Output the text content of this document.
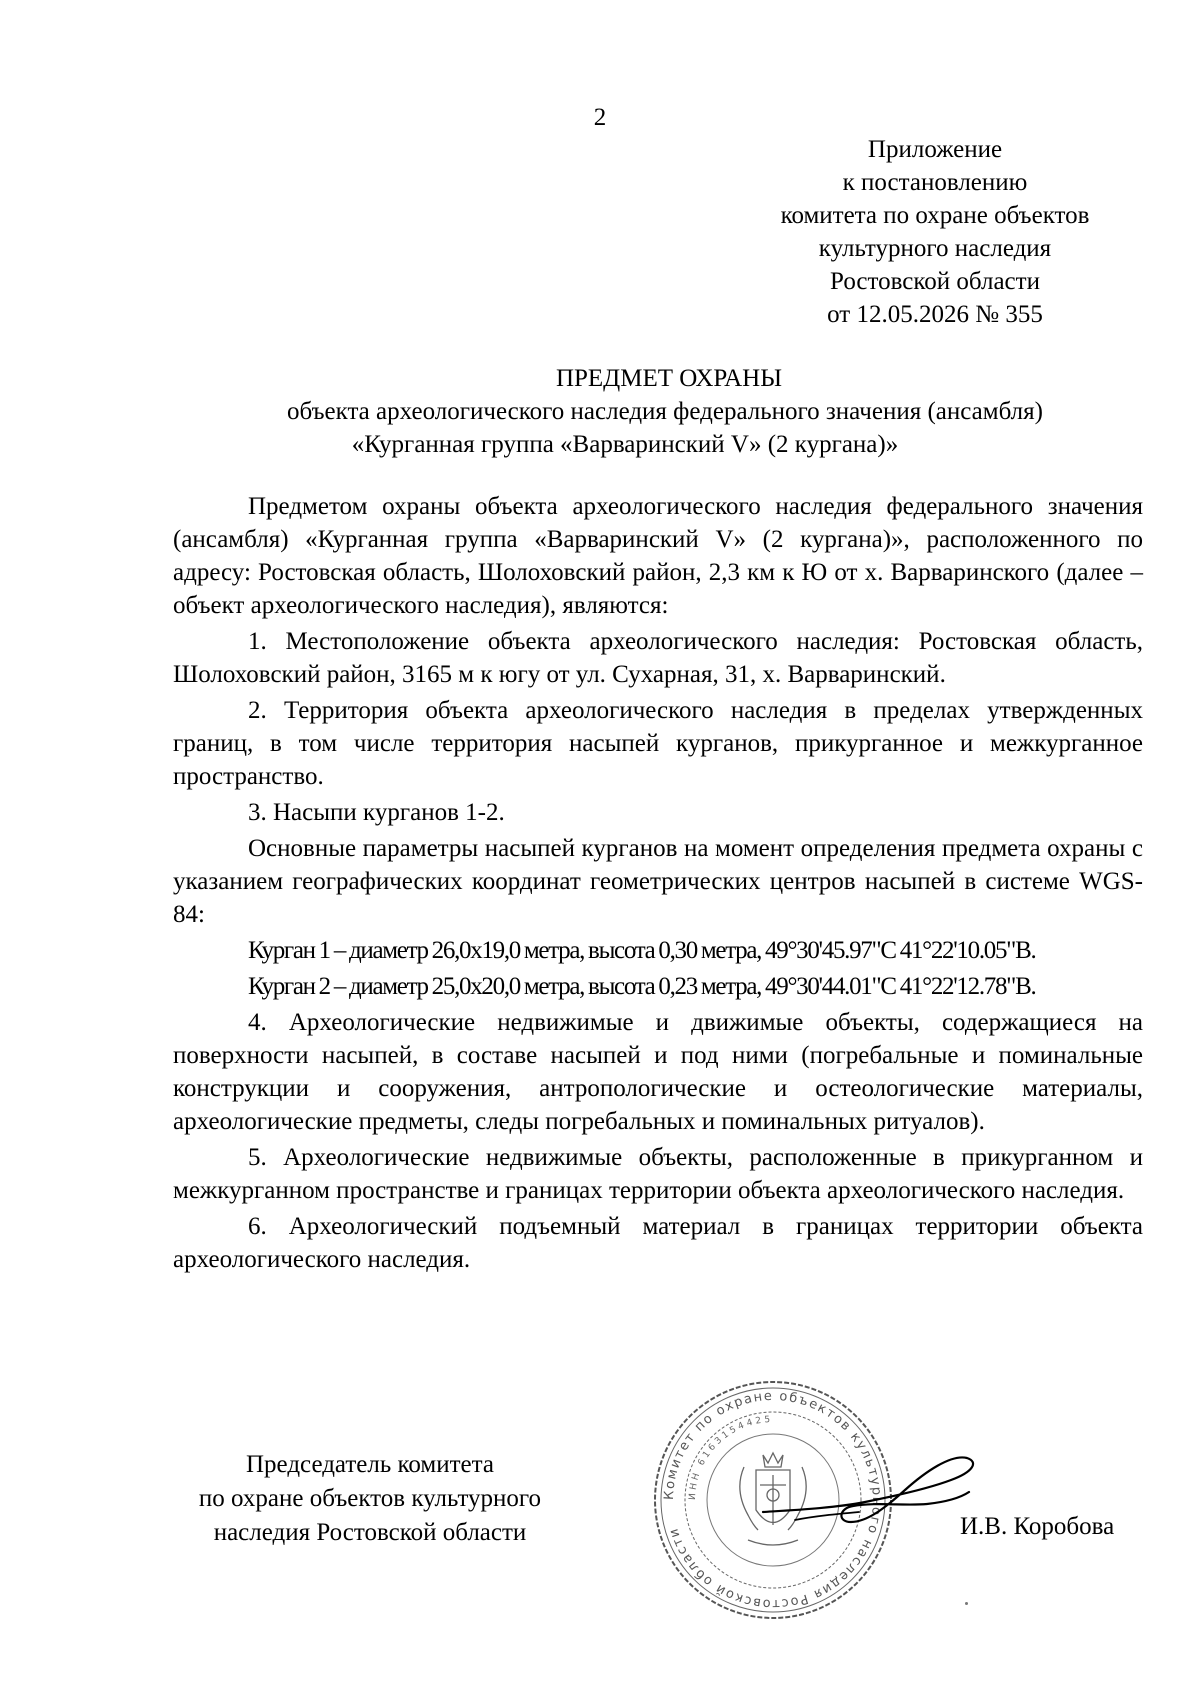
2
Приложение
к постановлению
комитета по охране объектов
культурного наследия
Ростовской области
от 12.05.2026 № 355
ПРЕДМЕТ ОХРАНЫ
объекта археологического наследия федерального значения (ансамбля)
«Курганная группа «Варваринский V» (2 кургана)»

Предметом охраны объекта археологического наследия федерального значения (ансамбля) «Курганная группа «Варваринский V» (2 кургана)», расположенного по адресу: Ростовская область, Шолоховский район, 2,3 км к Ю от х. Варваринского (далее – объект археологического наследия), являются:

1. Местоположение объекта археологического наследия: Ростовская область, Шолоховский район, 3165 м к югу от ул. Сухарная, 31, х. Варваринский.

2. Территория объекта археологического наследия в пределах утвержденных границ, в том числе территория насыпей курганов, прикурганное и межкурганное пространство.

3. Насыпи курганов 1-2.

Основные параметры насыпей курганов на момент определения предмета охраны с указанием географических координат геометрических центров насыпей в системе WGS-84:

Курган 1 – диаметр 26,0х19,0 метра, высота 0,30 метра, 49°30'45.97"С 41°22'10.05"В.

Курган 2 – диаметр 25,0х20,0 метра, высота 0,23 метра, 49°30'44.01"С 41°22'12.78"В.

4. Археологические недвижимые и движимые объекты, содержащиеся на поверхности насыпей, в составе насыпей и под ними (погребальные и поминальные конструкции и сооружения, антропологические и остеологические материалы, археологические предметы, следы погребальных и поминальных ритуалов).

5. Археологические недвижимые объекты, расположенные в прикурганном и межкурганном пространстве и границах территории объекта археологического наследия.

6. Археологический подъемный материал в границах территории объекта археологического наследия.

Председатель комитета
по охране объектов культурного
наследия Ростовской области
Комитет по охране объектов культурного наследия Ростовской области
ИНН 6163154425
И.В. Коробова
